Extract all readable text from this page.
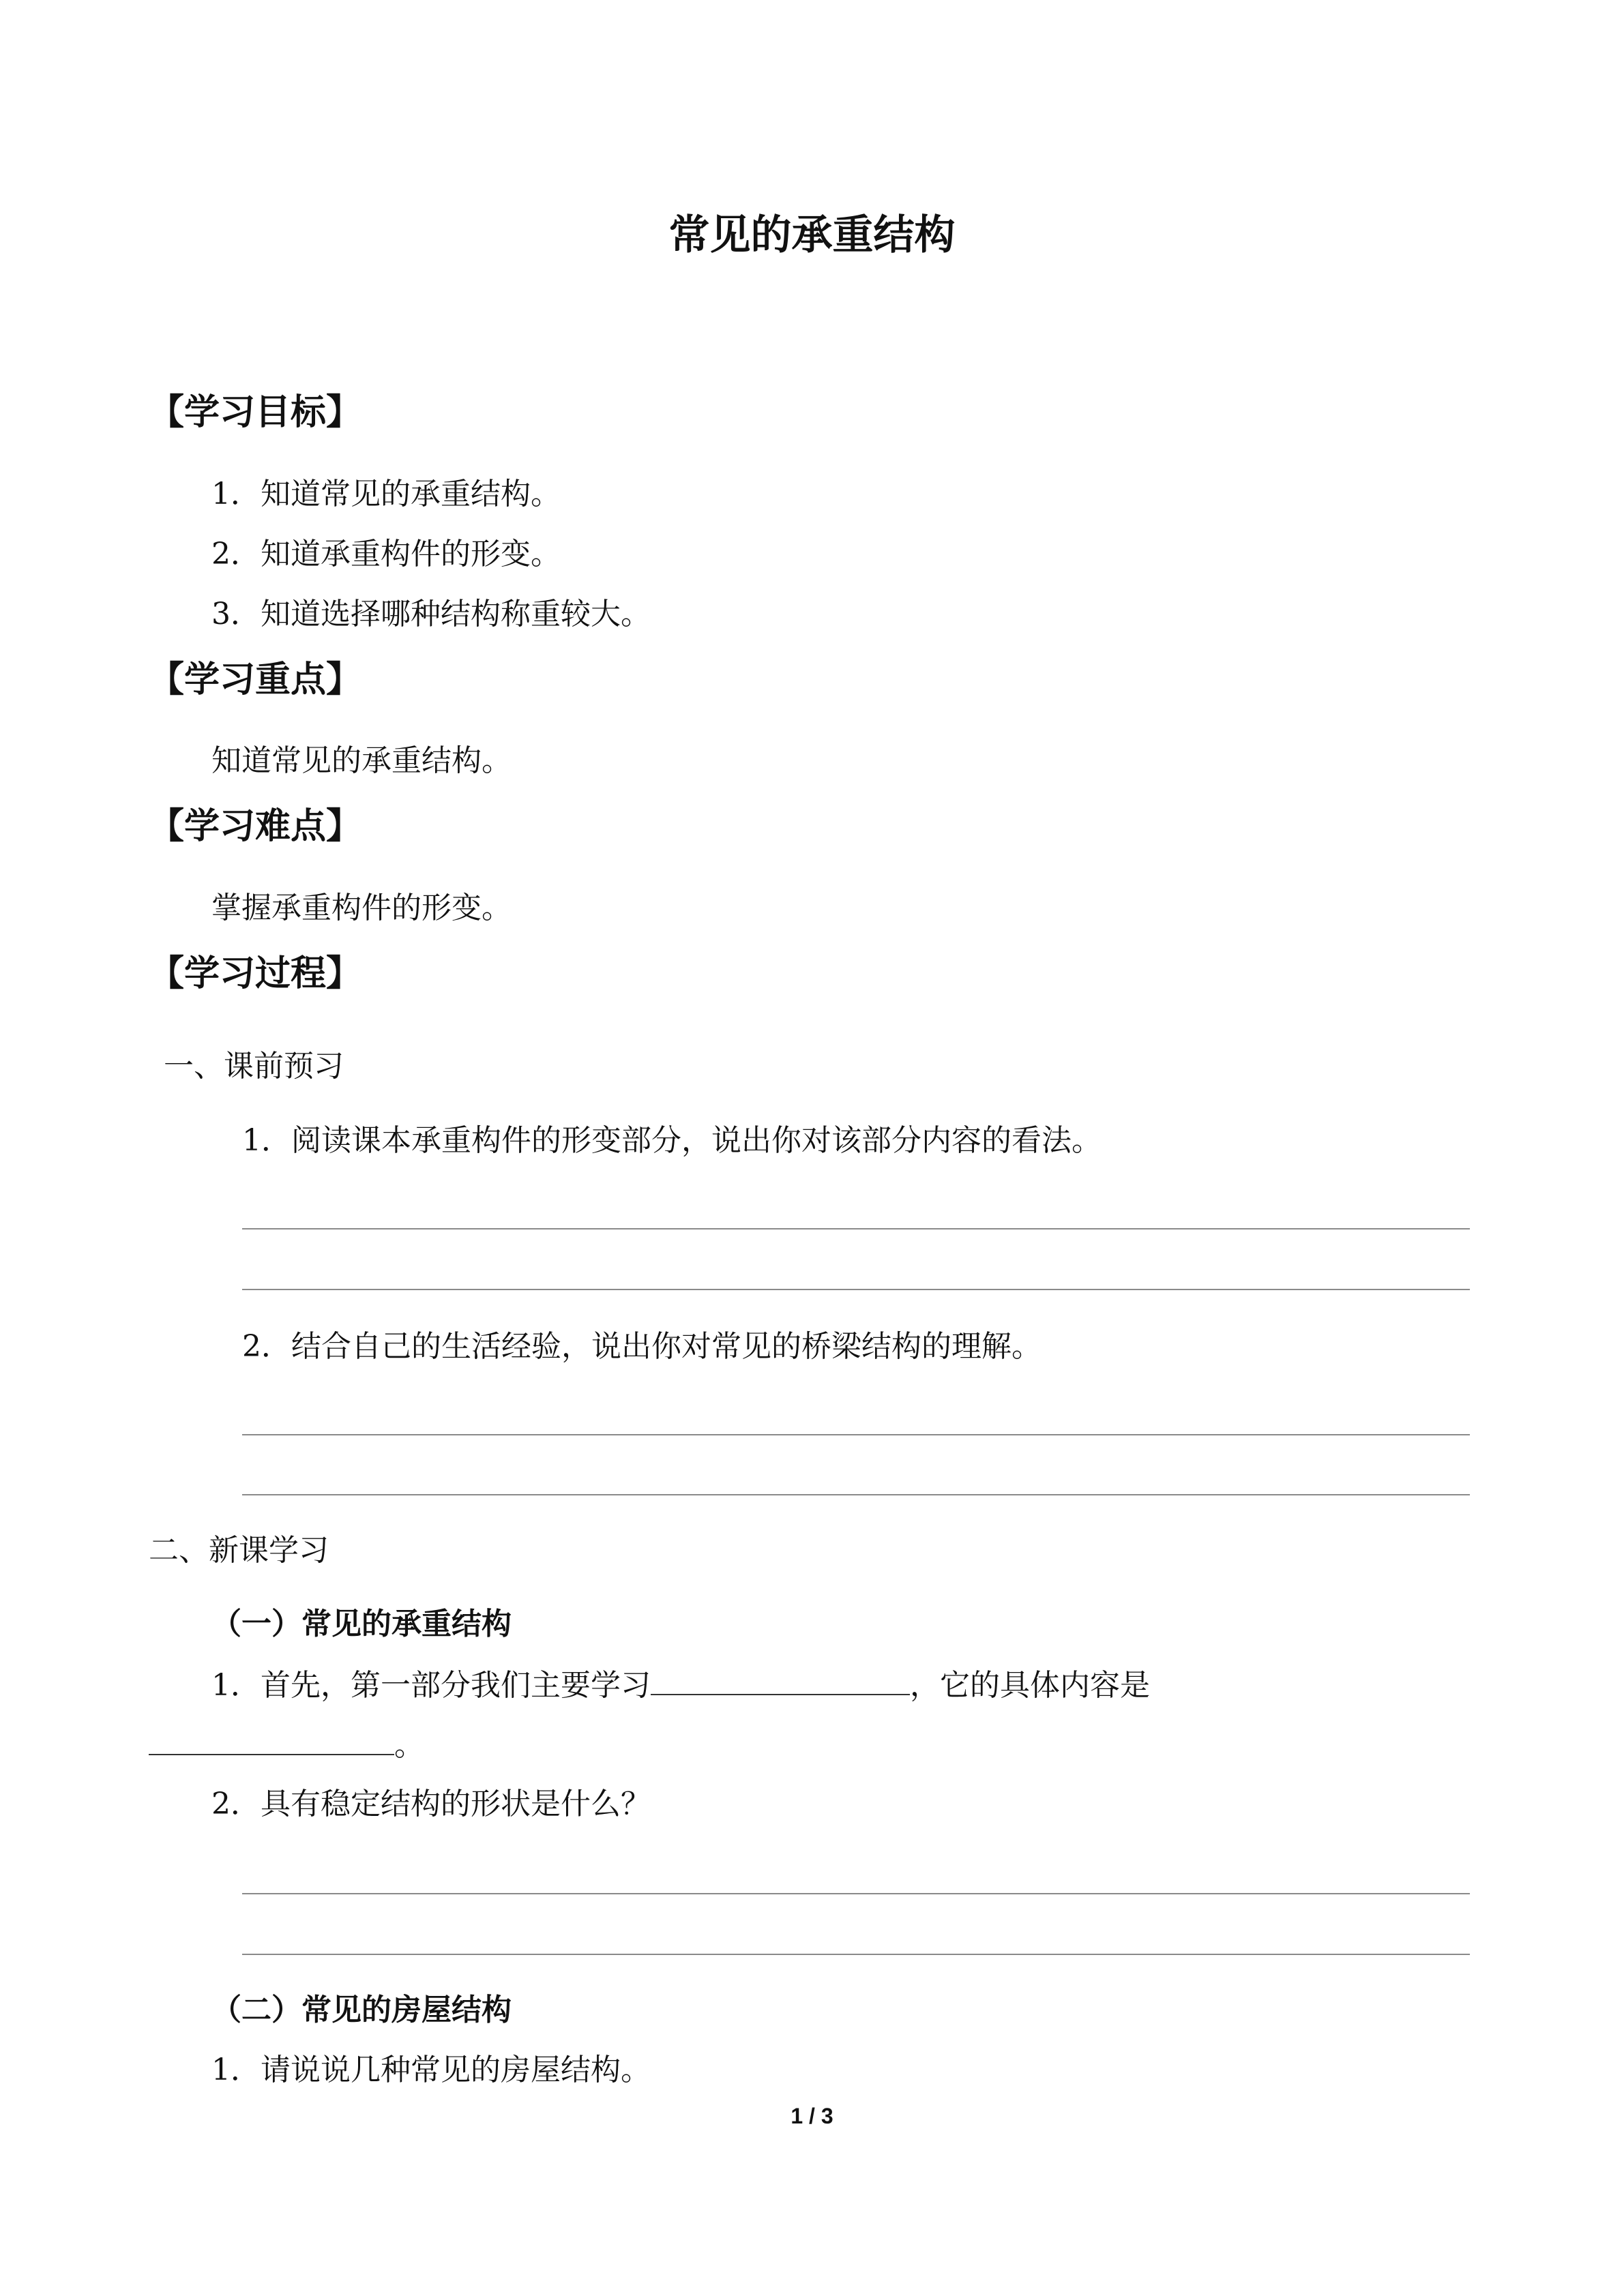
常见的承重结构
【学习目标】
1．知道常见的承重结构。
2．知道承重构件的形变。
3．知道选择哪种结构称重较大。
【学习重点】
知道常见的承重结构。
【学习难点】
掌握承重构件的形变。
【学习过程】
一、课前预习
1．阅读课本承重构件的形变部分，说出你对该部分内容的看法。
2．结合自己的生活经验，说出你对常见的桥梁结构的理解。
二、新课学习
（一）常见的承重结构
1．首先，第一部分我们主要学习	，它的具体内容是
。
2．具有稳定结构的形状是什么？
（二）常见的房屋结构
1．请说说几种常见的房屋结构。
1 / 3
